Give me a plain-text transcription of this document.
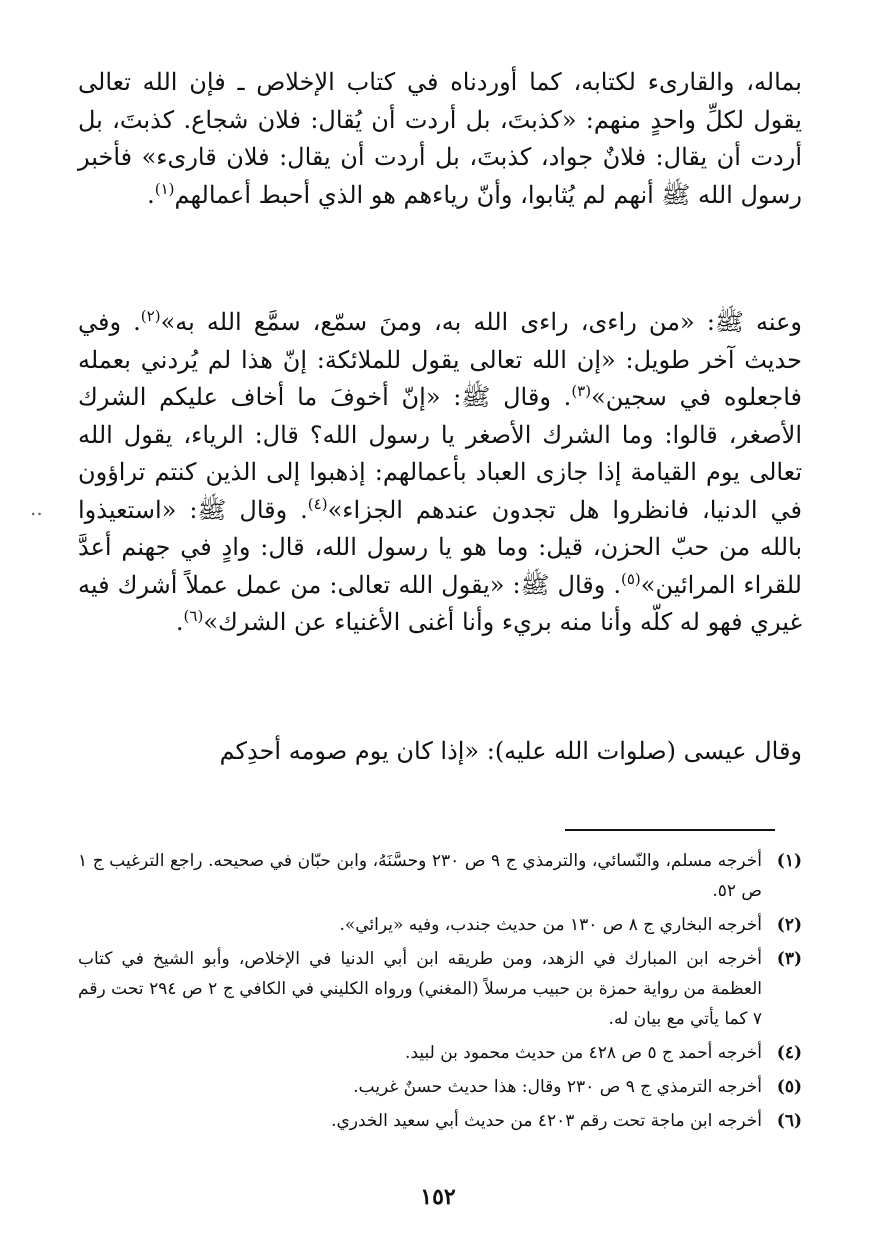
بماله، والقارىء لكتابه، كما أوردناه في كتاب الإخلاص ـ فإن الله تعالى يقول لكلِّ واحدٍ منهم: «كذبتَ، بل أردت أن يُقال: فلان شجاع. كذبتَ، بل أردت أن يقال: فلانٌ جواد، كذبتَ، بل أردت أن يقال: فلان قارىء» فأخبر رسول الله ﷺ أنهم لم يُثابوا، وأنّ رياءهم هو الذي أحبط أعمالهم$^{(١)}$.

وعنه ﷺ: «من راءى، راءى الله به، ومنَ سمّع، سمَّع الله به»$^{(٢)}$. وفي حديث آخر طويل: «إن الله تعالى يقول للملائكة: إنّ هذا لم يُردني بعمله فاجعلوه في سجين»$^{(٣)}$. وقال ﷺ: «إنّ أخوفَ ما أخاف عليكم الشرك الأصغر، قالوا: وما الشرك الأصغر يا رسول الله؟ قال: الرياء، يقول الله تعالى يوم القيامة إذا جازى العباد بأعمالهم: إذهبوا إلى الذين كنتم تراؤون في الدنيا، فانظروا هل تجدون عندهم الجزاء»$^{(٤)}$. وقال ﷺ: «استعيذوا بالله من حبّ الحزن، قيل: وما هو يا رسول الله، قال: وادٍ في جهنم أعدَّ للقراء المرائين»$^{(٥)}$. وقال ﷺ: «يقول الله تعالى: من عمل عملاً أشرك فيه غيري فهو له كلّه وأنا منه بريء وأنا أغنى الأغنياء عن الشرك»$^{(٦)}$.

..

وقال عيسى (صلوات الله عليه): «إذا كان يوم صومه أحدِكم

(١)
أخرجه مسلم، والنّسائي، والترمذي ج ٩ ص ٢٣٠ وحسَّنَهُ، وابن حبّان في صحيحه. راجع الترغيب ج ١ ص ٥٢.
(٢)
أخرجه البخاري ج ٨ ص ١٣٠ من حديث جندب، وفيه «يرائي».
(٣)
أخرجه ابن المبارك في الزهد، ومن طريقه ابن أبي الدنيا في الإخلاص، وأبو الشيخ في كتاب العظمة من رواية حمزة بن حبيب مرسلاً (المغني) ورواه الكليني في الكافي ج ٢ ص ٢٩٤ تحت رقم ٧ كما يأتي مع بيان له.
(٤)
أخرجه أحمد ج ٥ ص ٤٢٨ من حديث محمود بن لبيد.
(٥)
أخرجه الترمذي ج ٩ ص ٢٣٠ وقال: هذا حديث حسنٌ غريب.
(٦)
أخرجه ابن ماجة تحت رقم ٤٢٠٣ من حديث أبي سعيد الخدري.
١٥٢
